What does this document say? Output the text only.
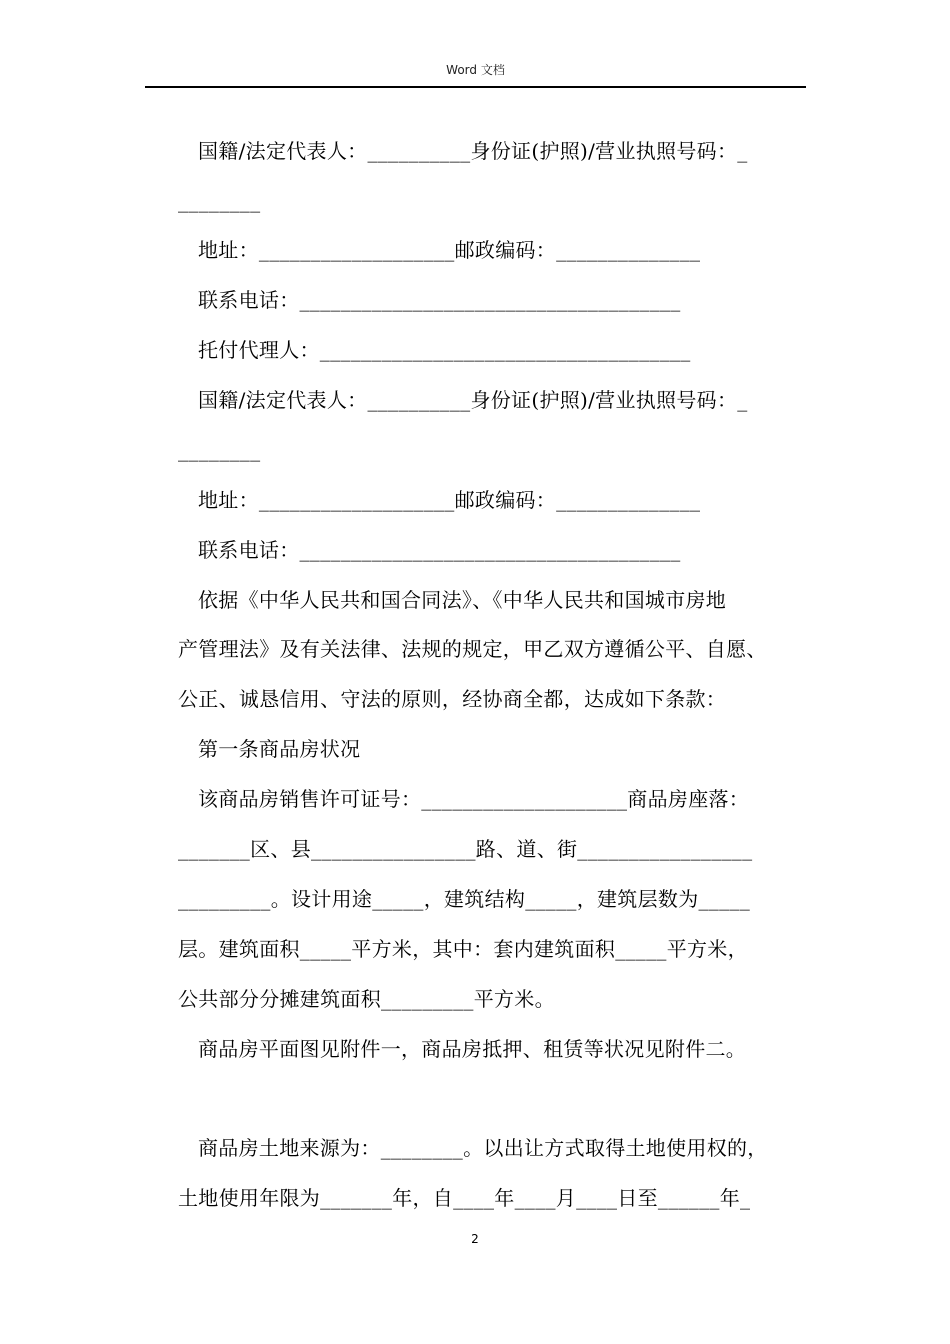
Word 文档
国籍/法定代表人：__________身份证(护照)/营业执照号码：_
________
地址：___________________邮政编码：______________
联系电话：_____________________________________
托付代理人：____________________________________
国籍/法定代表人：__________身份证(护照)/营业执照号码：_
________
地址：___________________邮政编码：______________
联系电话：_____________________________________
依据《中华人民共和国合同法》、《中华人民共和国城市房地
产管理法》及有关法律、法规的规定，甲乙双方遵循公平、自愿、
公正、诚恳信用、守法的原则，经协商全都，达成如下条款：
第一条商品房状况
该商品房销售许可证号：____________________商品房座落：
_______区、县________________路、道、街_________________
_________。设计用途_____，建筑结构_____，建筑层数为_____
层。建筑面积_____平方米，其中：套内建筑面积_____平方米，
公共部分分摊建筑面积_________平方米。
商品房平面图见附件一，商品房抵押、租赁等状况见附件二。
商品房土地来源为：________。以出让方式取得土地使用权的，
土地使用年限为_______年，自____年____月____日至______年_
2
